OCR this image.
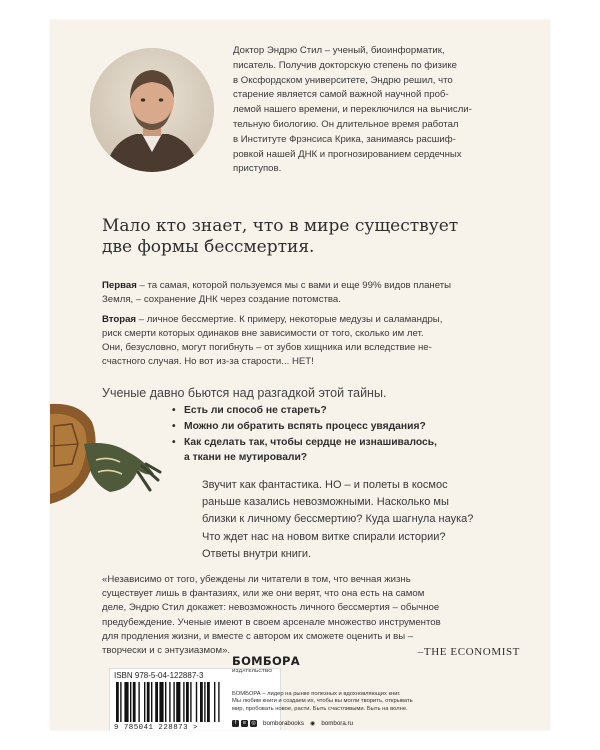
Доктор Эндрю Стил – ученый, биоинформатик,
писатель. Получив докторскую степень по физике
в Оксфордском университете, Эндрю решил, что
старение является самой важной научной проб-
лемой нашего времени, и переключился на вычисли-
тельную биологию. Он длительное время работал
в Институте Фрэнсиса Крика, занимаясь расшиф-
ровкой нашей ДНК и прогнозированием сердечных
приступов.
Мало кто знает, что в мире существует
две формы бессмертия.
Первая – та самая, которой пользуемся мы с вами и еще 99% видов планеты
Земля, – сохранение ДНК через создание потомства.
Вторая – личное бессмертие. К примеру, некоторые медузы и саламандры,
риск смерти которых одинаков вне зависимости от того, сколько им лет.
Они, безусловно, могут погибнуть – от зубов хищника или вследствие не-
счастного случая. Но вот из-за старости... НЕТ!
Ученые давно бьются над разгадкой этой тайны.
• Есть ли способ не стареть?
• Можно ли обратить вспять процесс увядания?
• Как сделать так, чтобы сердце не изнашивалось,
а ткани не мутировали?
Звучит как фантастика. НО – и полеты в космос
раньше казались невозможными. Насколько мы
близки к личному бессмертию? Куда шагнула наука?
Что ждет нас на новом витке спирали истории?
Ответы внутри книги.
«Независимо от того, убеждены ли читатели в том, что вечная жизнь
существует лишь в фантазиях, или же они верят, что она есть на самом
деле, Эндрю Стил докажет: невозможность личного бессмертия – обычное
предубеждение. Ученые имеют в своем арсенале множество инструментов
для продления жизни, и вместе с автором их сможете оценить и вы –
творчески и с энтузиазмом».	–THE ECONOMIST
ISBN 978-5-04-122887-3
9 785041 228873 >
БОМБОРА
ИЗДАТЕЛЬСТВО
БОМБОРА – лидер на рынке полезных и вдохновляющих книг.
Мы любим книги и создаем их, чтобы вы могли творить, открывать
мир, пробовать новое, расти. Быть счастливыми. Быть на волне.
f	в	◎ bomborabooks ◉ bombora.ru
